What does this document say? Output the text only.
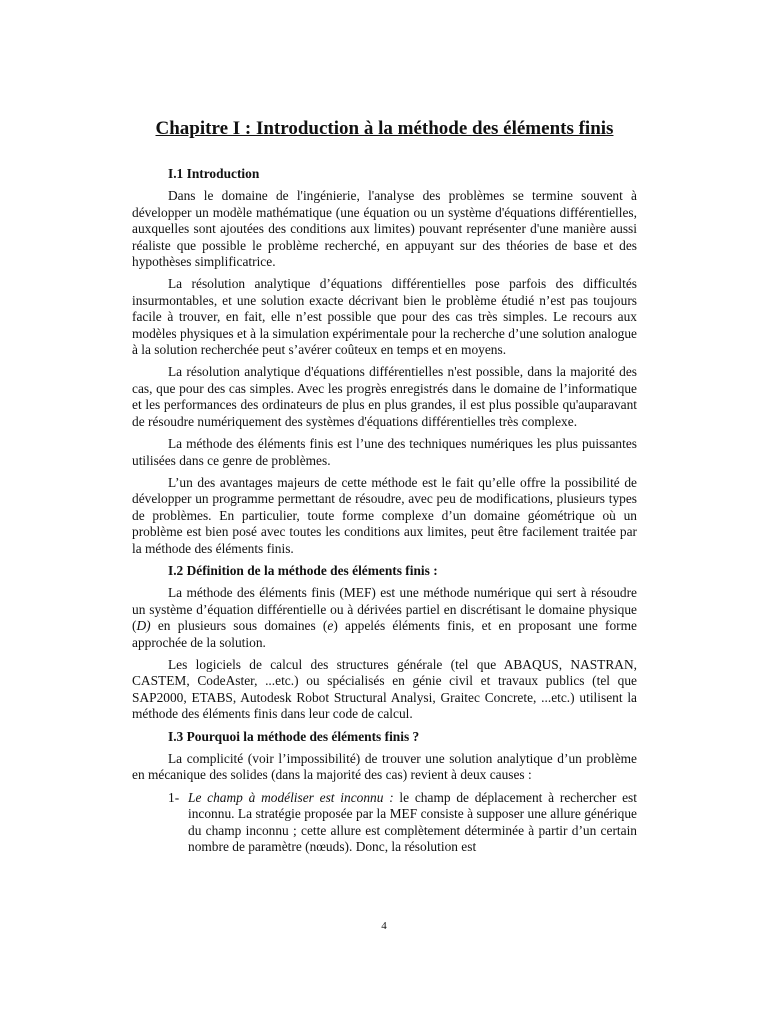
Chapitre I : Introduction à la méthode des éléments finis
I.1 Introduction

Dans le domaine de l'ingénierie, l'analyse des problèmes se termine souvent à développer un modèle mathématique (une équation ou un système d'équations différentielles, auxquelles sont ajoutées des conditions aux limites) pouvant représenter d'une manière aussi réaliste que possible le problème recherché, en appuyant sur des théories de base et des hypothèses simplificatrice.

La résolution analytique d’équations différentielles pose parfois des difficultés insurmontables, et une solution exacte décrivant bien le problème étudié n’est pas toujours facile à trouver, en fait, elle n’est possible que pour des cas très simples. Le recours aux modèles physiques et à la simulation expérimentale pour la recherche d’une solution analogue à la solution recherchée peut s’avérer coûteux en temps et en moyens.

La résolution analytique d'équations différentielles n'est possible, dans la majorité des cas, que pour des cas simples. Avec les progrès enregistrés dans le domaine de l’informatique et les performances des ordinateurs de plus en plus grandes, il est plus possible qu'auparavant de résoudre numériquement des systèmes d'équations différentielles très complexe.

La méthode des éléments finis est l’une des techniques numériques les plus puissantes utilisées dans ce genre de problèmes.

L’un des avantages majeurs de cette méthode est le fait qu’elle offre la possibilité de développer un programme permettant de résoudre, avec peu de modifications, plusieurs types de problèmes. En particulier, toute forme complexe d’un domaine géométrique où un problème est bien posé avec toutes les conditions aux limites, peut être facilement traitée par la méthode des éléments finis.

I.2 Définition de la méthode des éléments finis :

La méthode des éléments finis (MEF) est une méthode numérique qui sert à résoudre un système d’équation différentielle ou à dérivées partiel en discrétisant le domaine physique (D) en plusieurs sous domaines (e) appelés éléments finis, et en proposant une forme approchée de la solution.

Les logiciels de calcul des structures générale (tel que ABAQUS, NASTRAN, CASTEM, CodeAster, ...etc.) ou spécialisés en génie civil et travaux publics (tel que SAP2000, ETABS, Autodesk Robot Structural Analysi, Graitec Concrete, ...etc.) utilisent la méthode des éléments finis dans leur code de calcul.

I.3 Pourquoi la méthode des éléments finis ?

La complicité (voir l’impossibilité) de trouver une solution analytique d’un problème en mécanique des solides (dans la majorité des cas) revient à deux causes :

1- Le champ à modéliser est inconnu : le champ de déplacement à rechercher est inconnu. La stratégie proposée par la MEF consiste à supposer une allure générique du champ inconnu ; cette allure est complètement déterminée à partir d’un certain nombre de paramètre (nœuds). Donc, la résolution est
4
